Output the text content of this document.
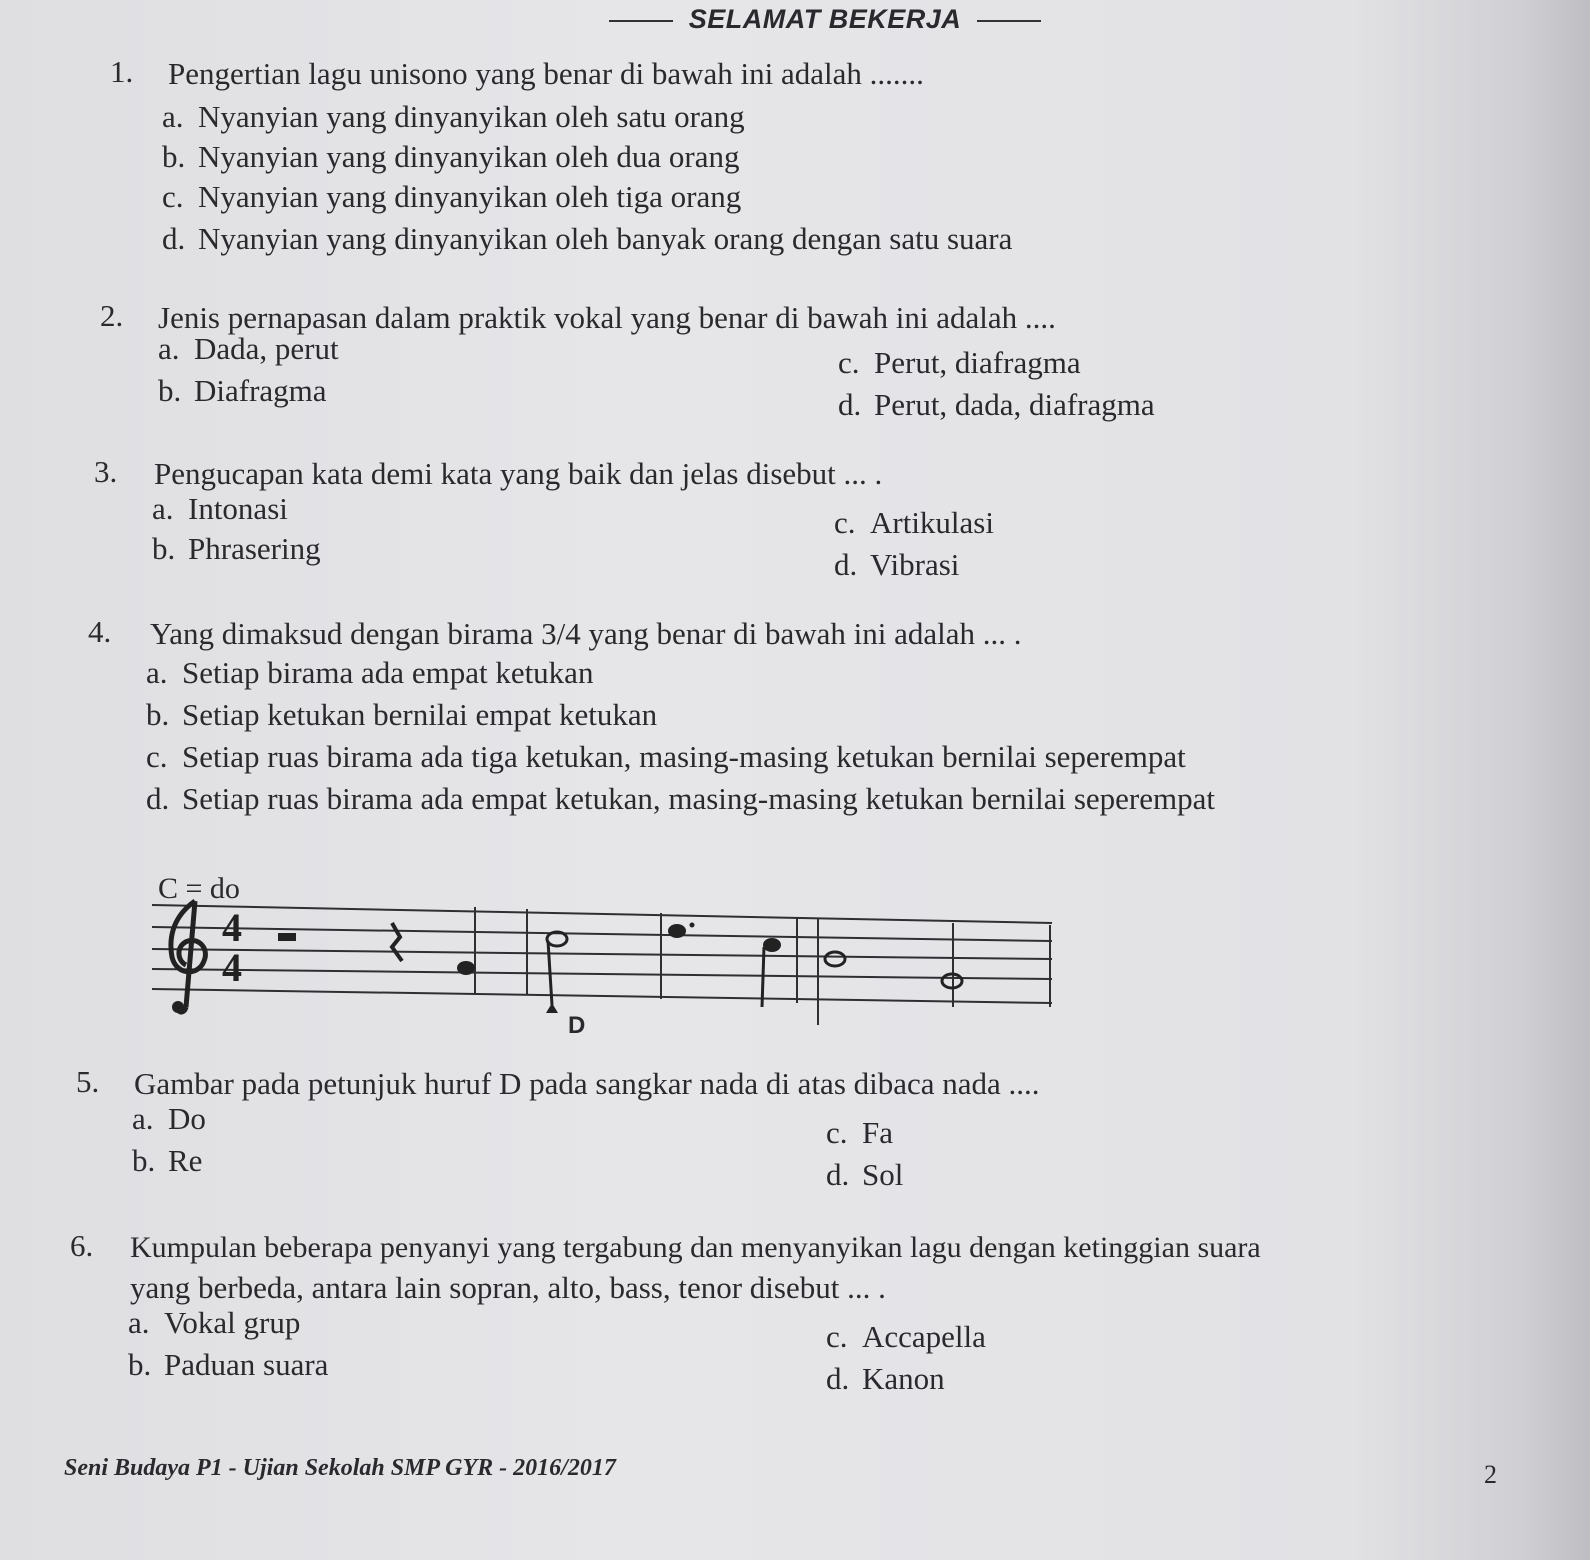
⠀
SELAMAT BEKERJA
1. Pengertian lagu unisono yang benar di bawah ini adalah .......
a. Nyanyian yang dinyanyikan oleh satu orang
b. Nyanyian yang dinyanyikan oleh dua orang
c. Nyanyian yang dinyanyikan oleh tiga orang
d. Nyanyian yang dinyanyikan oleh banyak orang dengan satu suara
2. Jenis pernapasan dalam praktik vokal yang benar di bawah ini adalah ....
a. Dada, perut
b. Diafragma
c. Perut, diafragma
d. Perut, dada, diafragma
3. Pengucapan kata demi kata yang baik dan jelas disebut ... .
a. Intonasi
b. Phrasering
c. Artikulasi
d. Vibrasi
4. Yang dimaksud dengan birama 3/4 yang benar di bawah ini adalah ... .
a. Setiap birama ada empat ketukan
b. Setiap ketukan bernilai empat ketukan
c. Setiap ruas birama ada tiga ketukan, masing-masing ketukan bernilai seperempat
d. Setiap ruas birama ada empat ketukan, masing-masing ketukan bernilai seperempat
C = do
4
4
D
5. Gambar pada petunjuk huruf D pada sangkar nada di atas dibaca nada ....
a. Do
b. Re
c. Fa
d. Sol
6. Kumpulan beberapa penyanyi yang tergabung dan menyanyikan lagu dengan ketinggian suara
yang berbeda, antara lain sopran, alto, bass, tenor disebut ... .
a. Vokal grup
b. Paduan suara
c. Accapella
d. Kanon
Seni Budaya P1 - Ujian Sekolah SMP GYR - 2016/2017	2
